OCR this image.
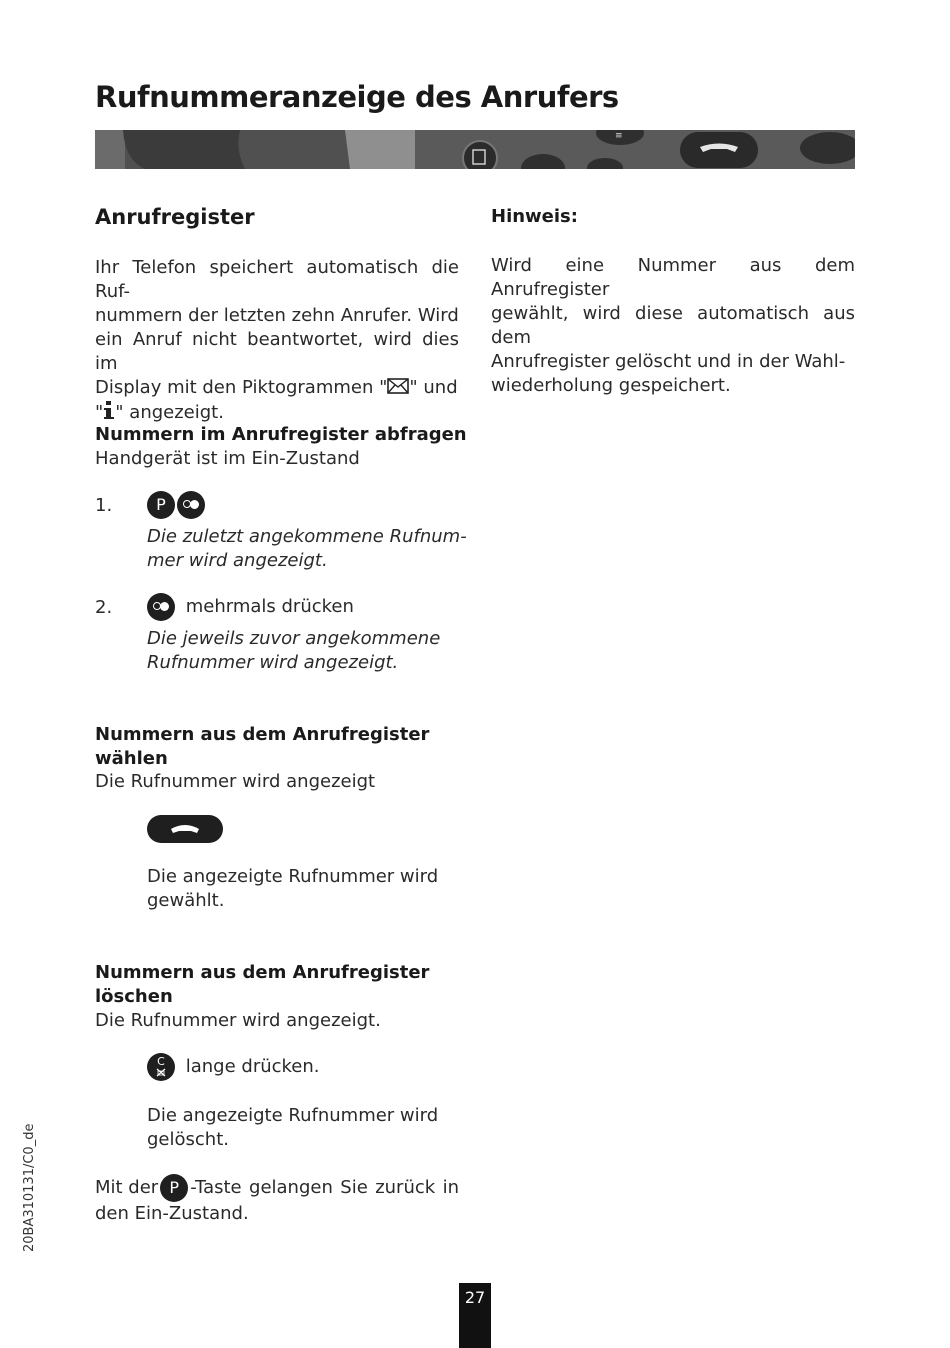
Rufnummeranzeige des Anrufers
≡
Anrufregister
Ihr Telefon speichert automatisch die Ruf-
nummern der letzten zehn Anrufer. Wird
ein Anruf nicht beantwortet, wird dies im
Display mit den Piktogrammen " " und
" " angezeigt.
Hinweis:
Wird eine Nummer aus dem Anrufregister
gewählt, wird diese automatisch aus dem
Anrufregister gelöscht und in der Wahl-
wiederholung gespeichert.
Nummern im Anrufregister abfragen
Handgerät ist im Ein-Zustand
1.	P
Die zuletzt angekommene Rufnum-
mer wird angezeigt.
2.	mehrmals drücken
Die jeweils zuvor angekommene
Rufnummer wird angezeigt.
Nummern aus dem Anrufregister
wählen
Die Rufnummer wird angezeigt
Die angezeigte Rufnummer wird
gewählt.
Nummern aus dem Anrufregister
löschen
Die Rufnummer wird angezeigt.
C	lange drücken.
Die angezeigte Rufnummer wird
gelöscht.
Mit der P -Taste gelangen Sie zurück in
den Ein-Zustand.
20BA310131/C0_de
27
